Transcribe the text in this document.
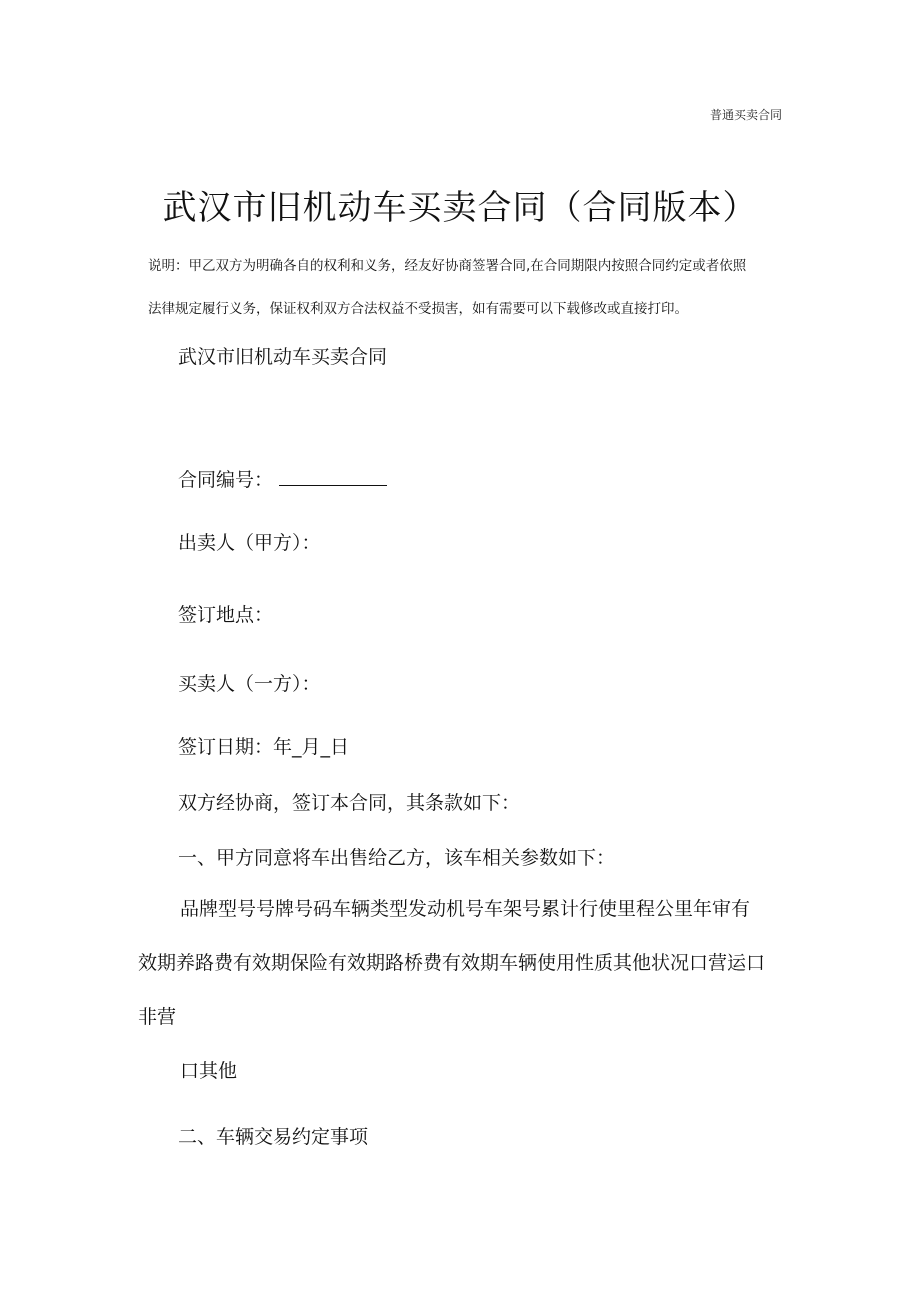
普通买卖合同
武汉市旧机动车买卖合同（合同版本）
说明：甲乙双方为明确各自的权利和义务，经友好协商签署合同,在合同期限内按照合同约定或者依照
法律规定履行义务，保证权利双方合法权益不受损害，如有需要可以下载修改或直接打印。
武汉市旧机动车买卖合同
合同编号：
出卖人（甲方）：
签订地点：
买卖人（一方）：
签订日期：年_月_日
双方经协商，签订本合同，其条款如下：
一、甲方同意将车出售给乙方，该车相关参数如下：
品牌型号号牌号码车辆类型发动机号车架号累计行使里程公里年审有
效期养路费有效期保险有效期路桥费有效期车辆使用性质其他状况口营运口
非营
口其他
二、车辆交易约定事项
